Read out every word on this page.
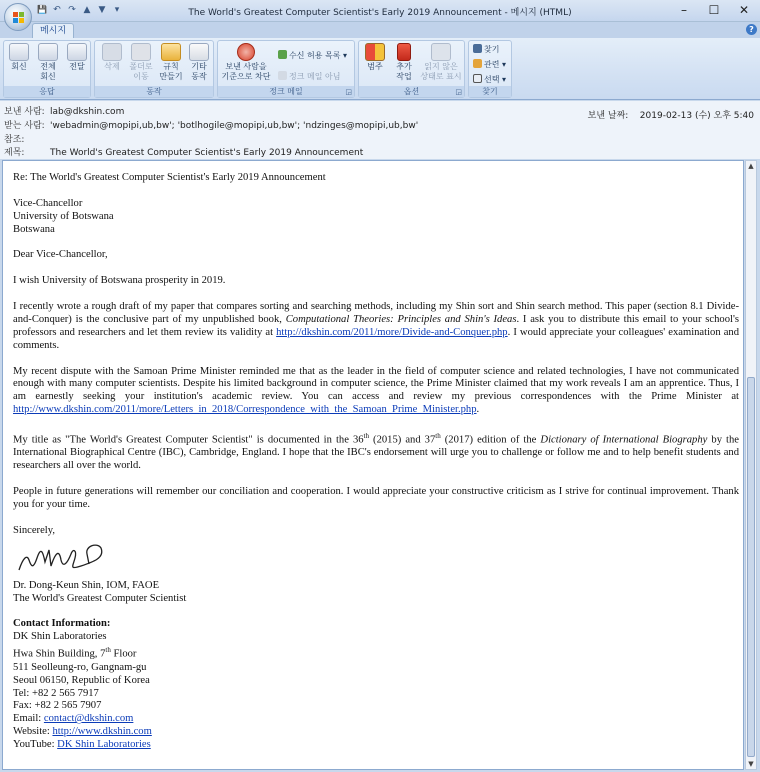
💾 ↶ ↷ ▲ ▼	▾	The World's Greatest Computer Scientist's Early 2019 Announcement - 메시지 (HTML)	–	☐	✕
메시지	?
회신	전체
회신
전달
응답
삭제	폴더로
이동
규칙
만들기
기타
동작
동작
보낸 사람을
기준으로 차단
수신 허용 목록 ▾
정크 메일 아님
정크 메일	◲
범주	추가
작업
읽지 않은
상태로 표시
옵션	◲
찾기
관련 ▾
선택 ▾
찾기
보낸 사람: lab@dkshin.com
받는 사람: 'webadmin@mopipi,ub,bw'; 'botlhogile@mopipi,ub,bw'; 'ndzinges@mopipi,ub,bw'
참조:
제목:	The World's Greatest Computer Scientist's Early 2019 Announcement
보낸 날짜: 2019-02-13 (수) 오후 5:40

Re: The World's Greatest Computer Scientist's Early 2019 Announcement

Vice-Chancellor
University of Botswana
Botswana

Dear Vice-Chancellor,

I wish University of Botswana prosperity in 2019.

I recently wrote a rough draft of my paper that compares sorting and searching methods, including my Shin sort and Shin search method. This paper (section 8.1 Divide-and-Conquer) is the conclusive part of my unpublished book, Computational Theories: Principles and Shin's Ideas. I ask you to distribute this email to your school's professors and researchers and let them review its validity at http://dkshin.com/2011/more/Divide-and-Conquer.php. I would appreciate your colleagues' examination and comments.

My recent dispute with the Samoan Prime Minister reminded me that as the leader in the field of computer science and related technologies, I have not communicated enough with many computer scientists. Despite his limited background in computer science, the Prime Minister claimed that my work reveals I am an apprentice. Thus, I am earnestly seeking your institution's academic review. You can access and review my previous correspondences with the Prime Minister at http://www.dkshin.com/2011/more/Letters_in_2018/Correspondence_with_the_Samoan_Prime_Minister.php.

My title as "The World's Greatest Computer Scientist" is documented in the 36th (2015) and 37th (2017) edition of the Dictionary of International Biography by the International Biographical Centre (IBC), Cambridge, England. I hope that the IBC's endorsement will urge you to challenge or follow me and to help benefit students and researchers all over the world.

People in future generations will remember our conciliation and cooperation. I would appreciate your constructive criticism as I strive for continual improvement. Thank you for your time.

Sincerely,
Dr. Dong-Keun Shin, IOM, FAOE
The World's Greatest Computer Scientist
Contact Information:
DK Shin Laboratories
Hwa Shin Building, 7th Floor
511 Seolleung-ro, Gangnam-gu
Seoul 06150, Republic of Korea
Tel: +82 2 565 7917
Fax: +82 2 565 7907
Email: contact@dkshin.com
Website: http://www.dkshin.com
YouTube: DK Shin Laboratories
▲
▼
